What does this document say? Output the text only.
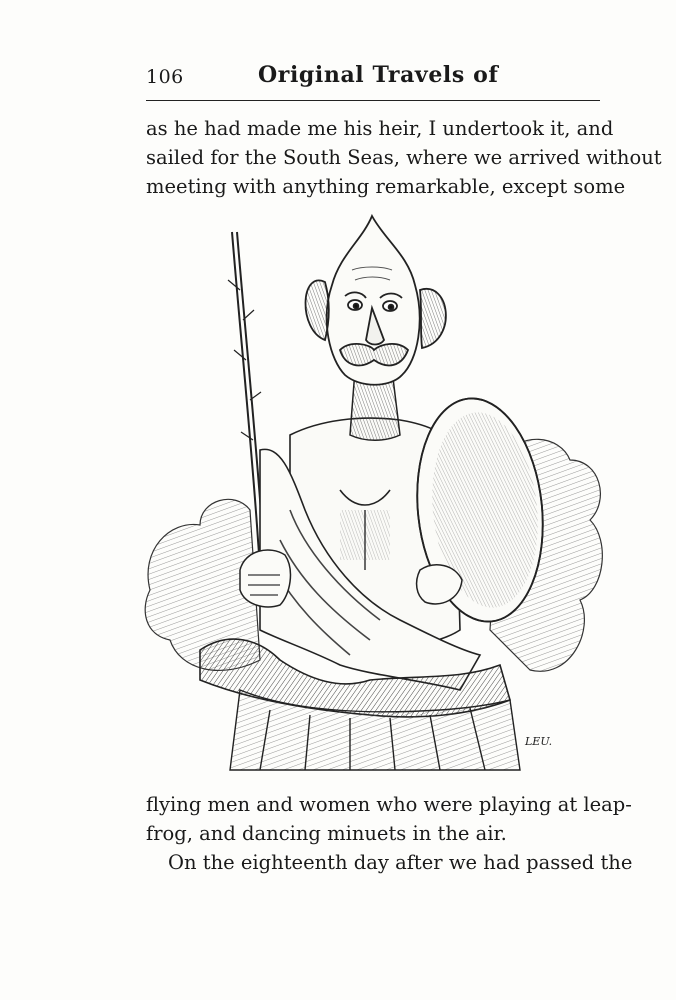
106	Original Travels of
as he had made me his heir, I undertook it, and
sailed for the South Seas, where we arrived without
meeting with anything remarkable, except some
LEU.
flying men and women who were playing at leap-
frog, and dancing minuets in the air.
On the eighteenth day after we had passed the
